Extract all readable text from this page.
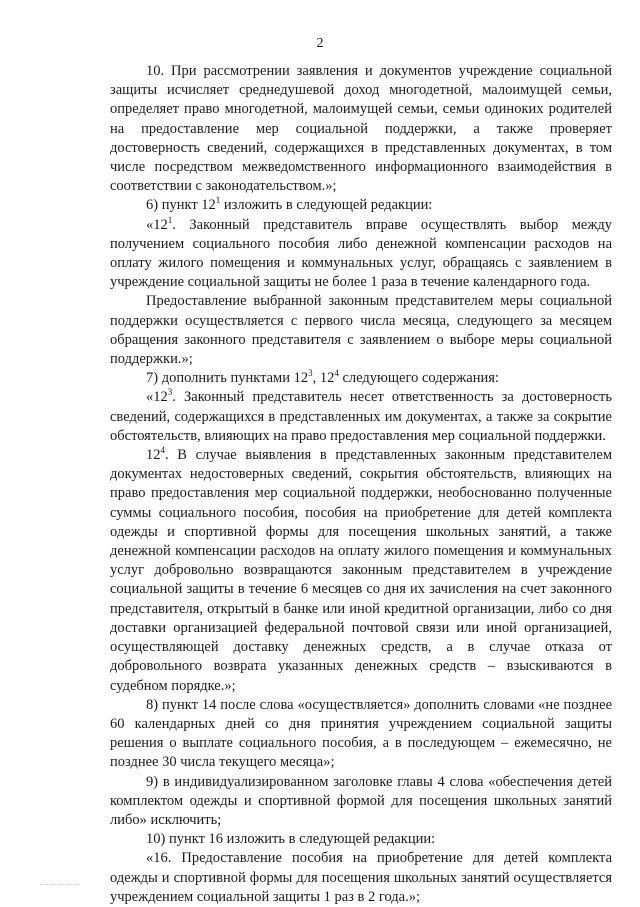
2

10. При рассмотрении заявления и документов учреждение социальной защиты исчисляет среднедушевой доход многодетной, малоимущей семьи, определяет право многодетной, малоимущей семьи, семьи одиноких родителей на предоставление мер социальной поддержки, а также проверяет достоверность сведений, содержащихся в представленных документах, в том числе посредством межведомственного информационного взаимодействия в соответствии с законодательством.»;

6) пункт $12^1$ изложить в следующей редакции:

«$12^1$. Законный представитель вправе осуществлять выбор между получением социального пособия либо денежной компенсации расходов на оплату жилого помещения и коммунальных услуг, обращаясь с заявлением в учреждение социальной защиты не более 1 раза в течение календарного года.

Предоставление выбранной законным представителем меры социальной поддержки осуществляется с первого числа месяца, следующего за месяцем обращения законного представителя с заявлением о выборе меры социальной поддержки.»;

7) дополнить пунктами $12^3$, $12^4$ следующего содержания:

«$12^3$. Законный представитель несет ответственность за достоверность сведений, содержащихся в представленных им документах, а также за сокрытие обстоятельств, влияющих на право предоставления мер социальной поддержки.

$12^4$. В случае выявления в представленных законным представителем документах недостоверных сведений, сокрытия обстоятельств, влияющих на право предоставления мер социальной поддержки, необоснованно полученные суммы социального пособия, пособия на приобретение для детей комплекта одежды и спортивной формы для посещения школьных занятий, а также денежной компенсации расходов на оплату жилого помещения и коммунальных услуг добровольно возвращаются законным представителем в учреждение социальной защиты в течение 6 месяцев со дня их зачисления на счет законного представителя, открытый в банке или иной кредитной организации, либо со дня доставки организацией федеральной почтовой связи или иной организацией, осуществляющей доставку денежных средств, а в случае отказа от добровольного возврата указанных денежных средств – взыскиваются в судебном порядке.»;

8) пункт 14 после слова «осуществляется» дополнить словами «не позднее 60 календарных дней со дня принятия учреждением социальной защиты решения о выплате социального пособия, а в последующем – ежемесячно, не позднее 30 числа текущего месяца»;

9) в индивидуализированном заголовке главы 4 слова «обеспечения детей комплектом одежды и спортивной формой для посещения школьных занятий либо» исключить;

10) пункт 16 изложить в следующей редакции:

«16. Предоставление пособия на приобретение для детей комплекта одежды и спортивной формы для посещения школьных занятий осуществляется учреждением социальной защиты 1 раз в 2 года.»;
